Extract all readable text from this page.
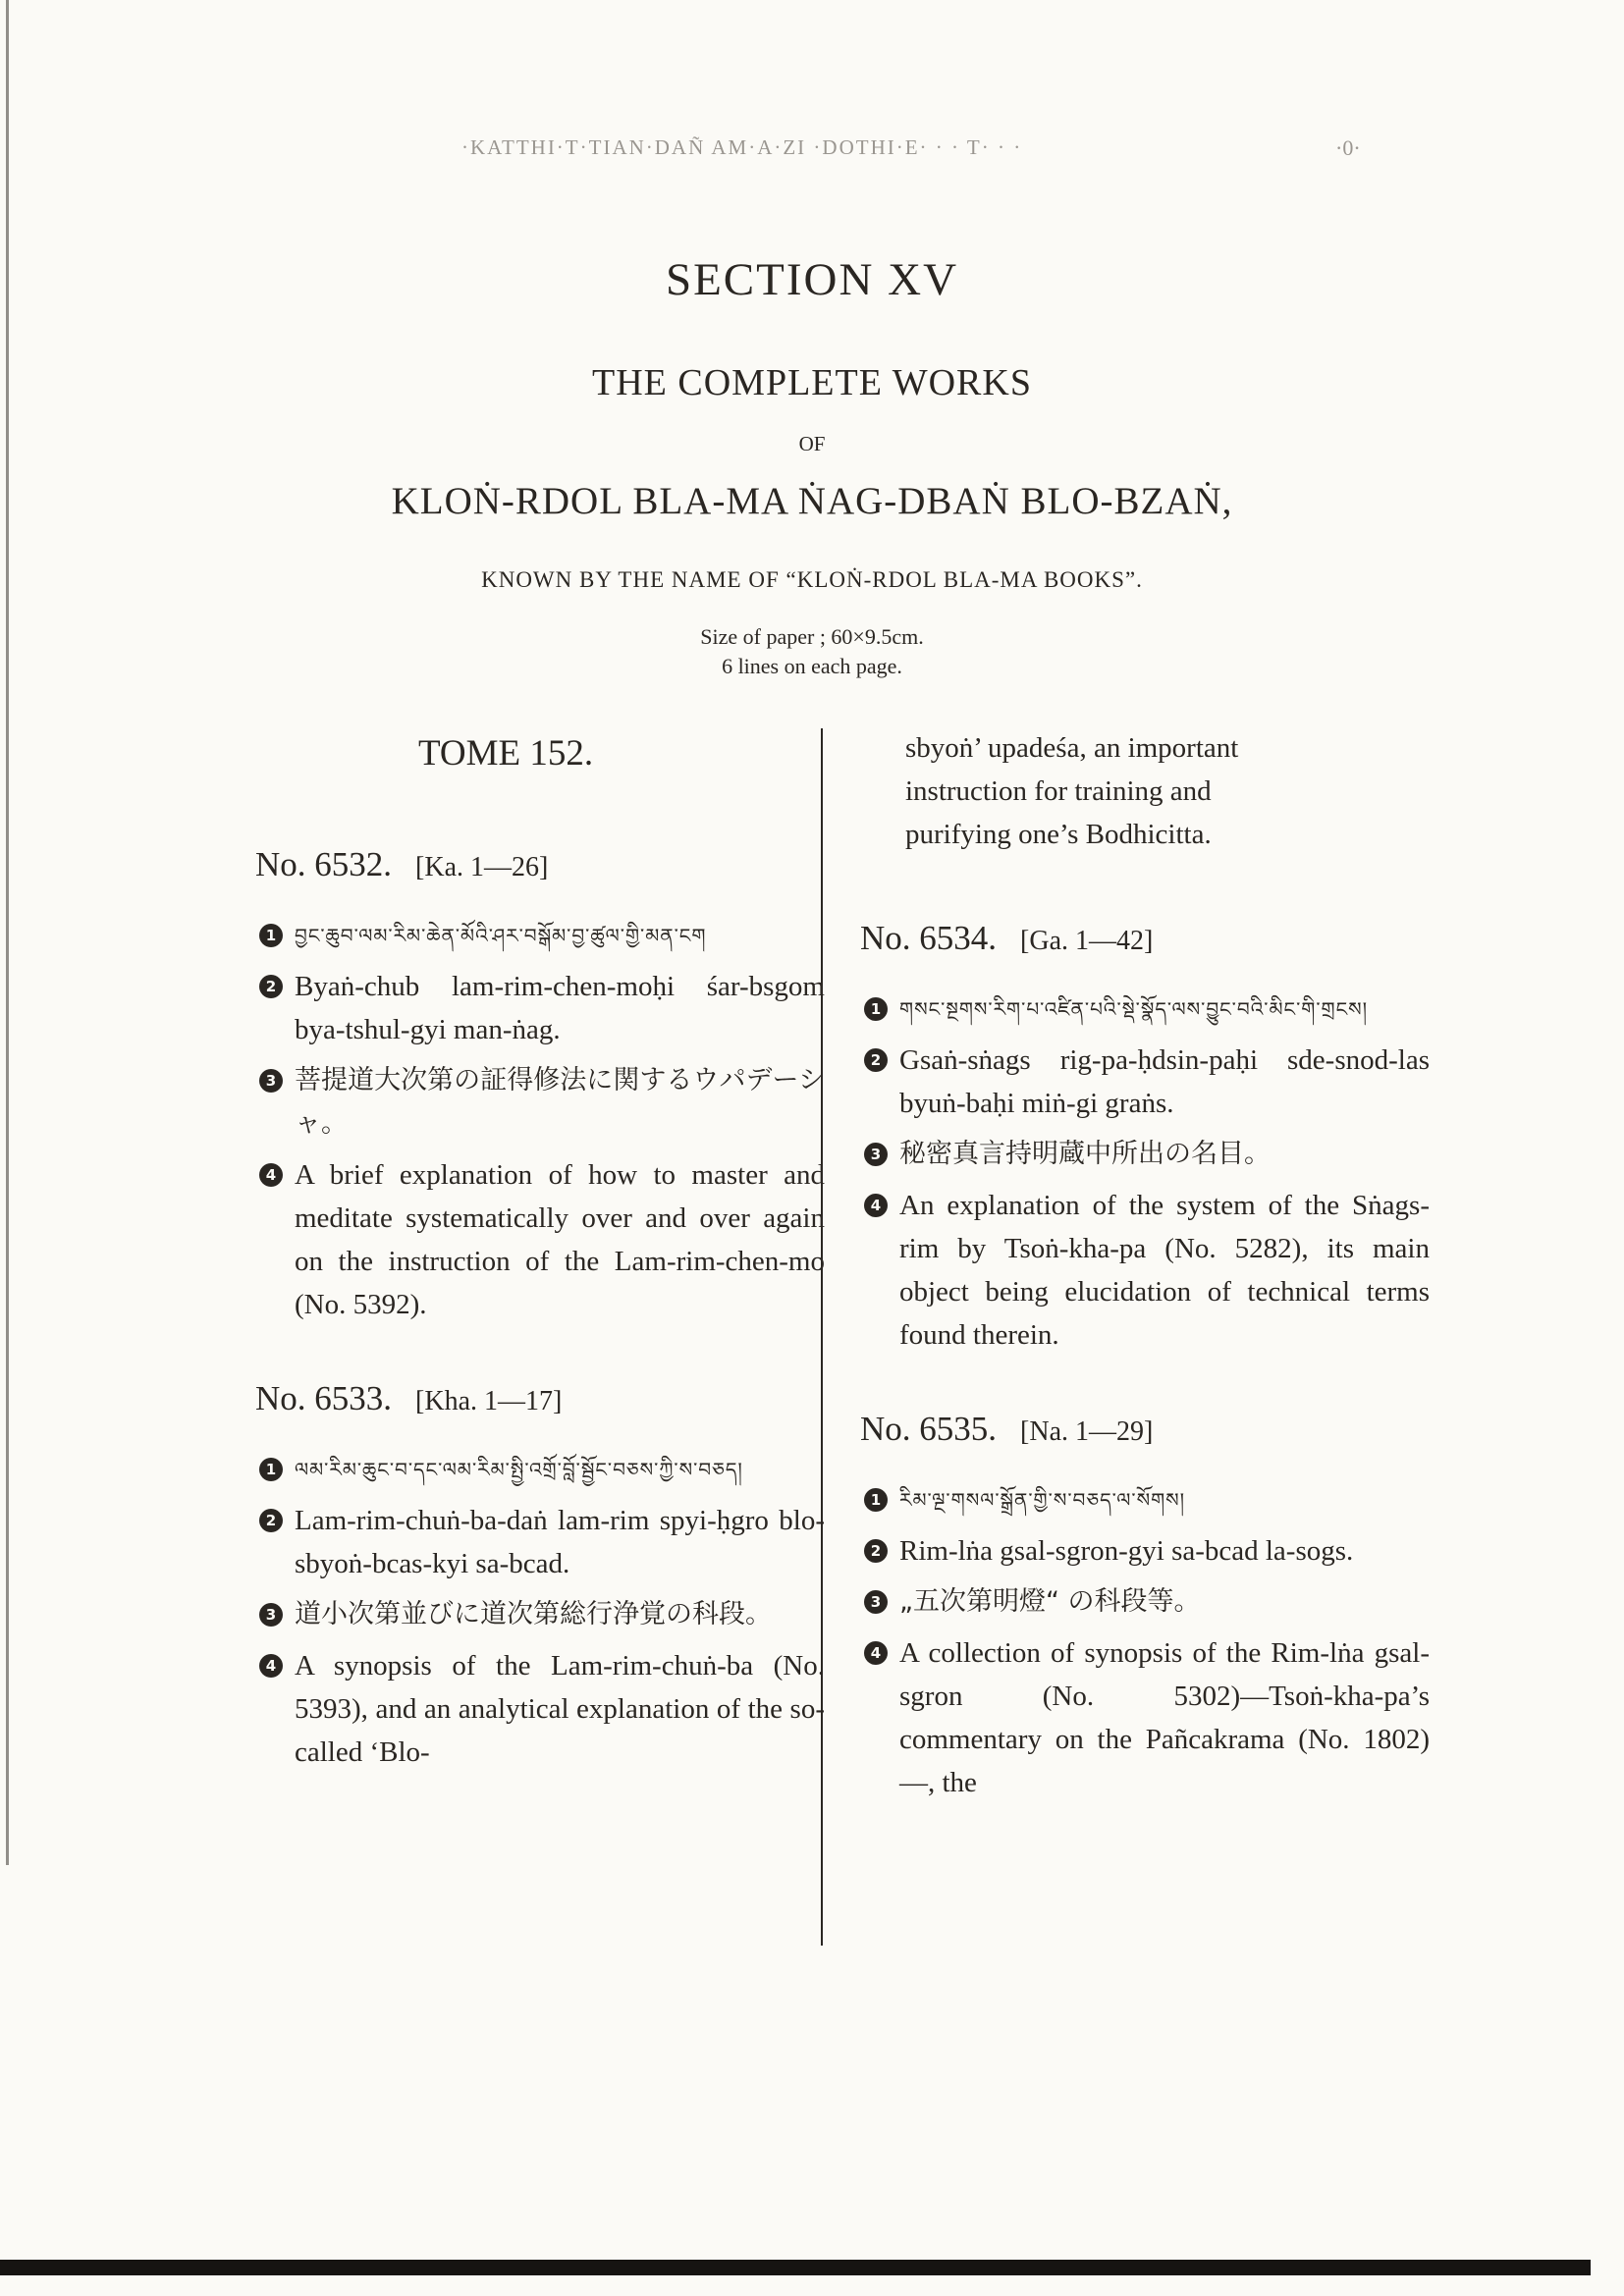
·KATTHI·T·TIAN·DAÑ AM·A·ZI ·DOTHI·E· · · T· · ·	·0·
SECTION XV
THE COMPLETE WORKS
OF
KLOṄ-RDOL BLA-MA ṄAG-DBAṄ BLO-BZAṄ,
KNOWN BY THE NAME OF “KLOṄ-RDOL BLA-MA BOOKS”.
Size of paper ; 60×9.5cm.
6 lines on each page.
TOME 152.
No. 6532. [Ka. 1—26]
1 བྱང་ཆུབ་ལམ་རིམ་ཆེན་མོའི་ཤར་བསྒོམ་བྱ་ཚུལ་གྱི་མན་ངག
2 Byaṅ-chub lam-rim-chen-moḥi śar-bsgom bya-tshul-gyi man-ṅag.
3 菩提道大次第の証得修法に関するウパデーシャ。
4 A brief explanation of how to master and meditate systematically over and over again on the instruction of the Lam-rim-chen-mo (No. 5392).
No. 6533. [Kha. 1—17]
1 ལམ་རིམ་ཆུང་བ་དང་ལམ་རིམ་སྤྱི་འགྲོ་བློ་སྦྱོང་བཅས་ཀྱི་ས་བཅད།
2 Lam-rim-chuṅ-ba-daṅ lam-rim spyi-ḥgro blo-sbyoṅ-bcas-kyi sa-bcad.
3 道小次第並びに道次第総行浄覚の科段。
4 A synopsis of the Lam-rim-chuṅ-ba (No. 5393), and an analytical explanation of the so-called ‘Blo-

sbyoṅ’ upadeśa, an important

instruction for training and

purifying one’s Bodhicitta.

No. 6534. [Ga. 1—42]
1 གསང་སྔགས་རིག་པ་འཛིན་པའི་སྡེ་སྣོད་ལས་བྱུང་བའི་མིང་གི་གྲངས།
2 Gsaṅ-sṅags rig-pa-ḥdsin-paḥi sde-snod-las byuṅ-baḥi miṅ-gi graṅs.
3 秘密真言持明蔵中所出の名目。
4 An explanation of the system of the Sṅags-rim by Tsoṅ-kha-pa (No. 5282), its main object being elucidation of technical terms found therein.
No. 6535. [Na. 1—29]
1 རིམ་ལྔ་གསལ་སྒྲོན་གྱི་ས་བཅད་ལ་སོགས།
2 Rim-lṅa gsal-sgron-gyi sa-bcad la-sogs.
3 „五次第明燈“ の科段等。
4 A collection of synopsis of the Rim-lṅa gsal-sgron (No. 5302)—Tsoṅ-kha-pa’s commentary on the Pañcakrama (No. 1802)—, the
